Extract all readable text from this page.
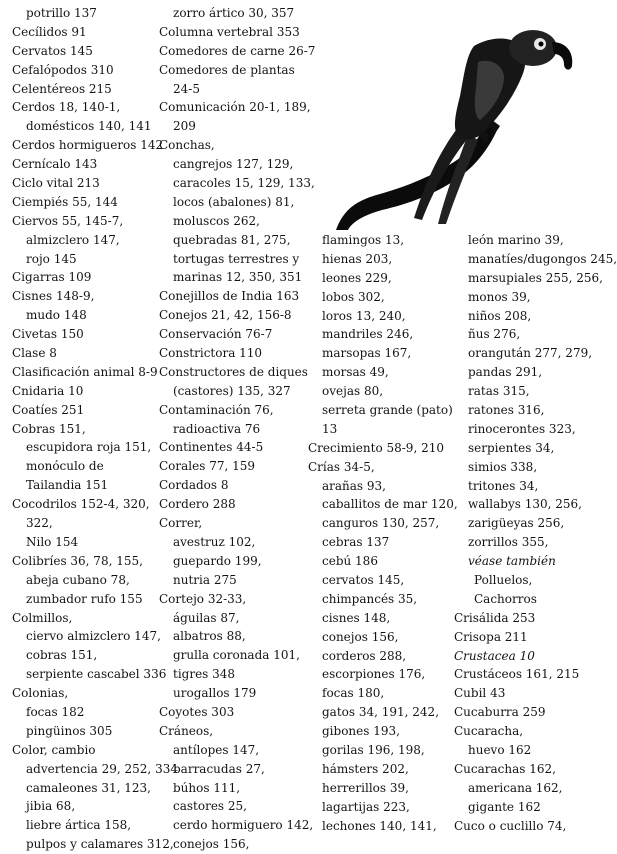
potrillo 137
Cecílidos 91
Cervatos 145
Cefalópodos 310
Celentéreos 215
Cerdos 18, 140-1,
domésticos 140, 141
Cerdos hormigueros 142
Cernícalo 143
Ciclo vital 213
Ciempiés 55, 144
Ciervos 55, 145-7,
almizclero 147,
rojo 145
Cigarras 109
Cisnes 148-9,
mudo 148
Civetas 150
Clase 8
Clasificación animal 8-9
Cnidaria 10
Coatíes 251
Cobras 151,
escupidora roja 151,
monóculo de
Tailandia 151
Cocodrilos 152-4, 320,
322,
Nilo 154
Colibríes 36, 78, 155,
abeja cubano 78,
zumbador rufo 155
Colmillos,
ciervo almizclero 147,
cobras 151,
serpiente cascabel 336
Colonias,
focas 182
pingüinos 305
Color, cambio
advertencia 29, 252, 334
camaleones 31, 123,
jibia 68,
liebre ártica 158,
pulpos y calamares 312,
zorro ártico 30, 357
Columna vertebral 353
Comedores de carne 26-7
Comedores de plantas
24-5
Comunicación 20-1, 189,
209
Conchas,
cangrejos 127, 129,
caracoles 15, 129, 133,
locos (abalones) 81,
moluscos 262,
quebradas 81, 275,
tortugas terrestres y
marinas 12, 350, 351
Conejillos de India 163
Conejos 21, 42, 156-8
Conservación 76-7
Constrictora 110
Constructores de diques
(castores) 135, 327
Contaminación 76,
radioactiva 76
Continentes 44-5
Corales 77, 159
Cordados 8
Cordero 288
Correr,
avestruz 102,
guepardo 199,
nutria 275
Cortejo 32-33,
águilas 87,
albatros 88,
grulla coronada 101,
tigres 348
urogallos 179
Coyotes 303
Cráneos,
antílopes 147,
barracudas 27,
búhos 111,
castores 25,
cerdo hormiguero 142,
conejos 156,
flamingos 13,
hienas 203,
leones 229,
lobos 302,
loros 13, 240,
mandriles 246,
marsopas 167,
morsas 49,
ovejas 80,
serreta grande (pato)
13
Crecimiento 58-9, 210
Crías 34-5,
arañas 93,
caballitos de mar 120,
canguros 130, 257,
cebras 137
cebú 186
cervatos 145,
chimpancés 35,
cisnes 148,
conejos 156,
corderos 288,
escorpiones 176,
focas 180,
gatos 34, 191, 242,
gibones 193,
gorilas 196, 198,
hámsters 202,
herrerillos 39,
lagartijas 223,
lechones 140, 141,
león marino 39,
manatíes/dugongos 245,
marsupiales 255, 256,
monos 39,
niños 208,
ñus 276,
orangután 277, 279,
pandas 291,
ratas 315,
ratones 316,
rinocerontes 323,
serpientes 34,
simios 338,
tritones 34,
wallabys 130, 256,
zarigüeyas 256,
zorrillos 355,
véase también
Polluelos,
Cachorros
Crisálida 253
Crisopa 211
Crustacea 10
Crustáceos 161, 215
Cubil 43
Cucaburra 259
Cucaracha,
huevo 162
Cucarachas 162,
americana 162,
gigante 162
Cuco o cuclillo 74,
